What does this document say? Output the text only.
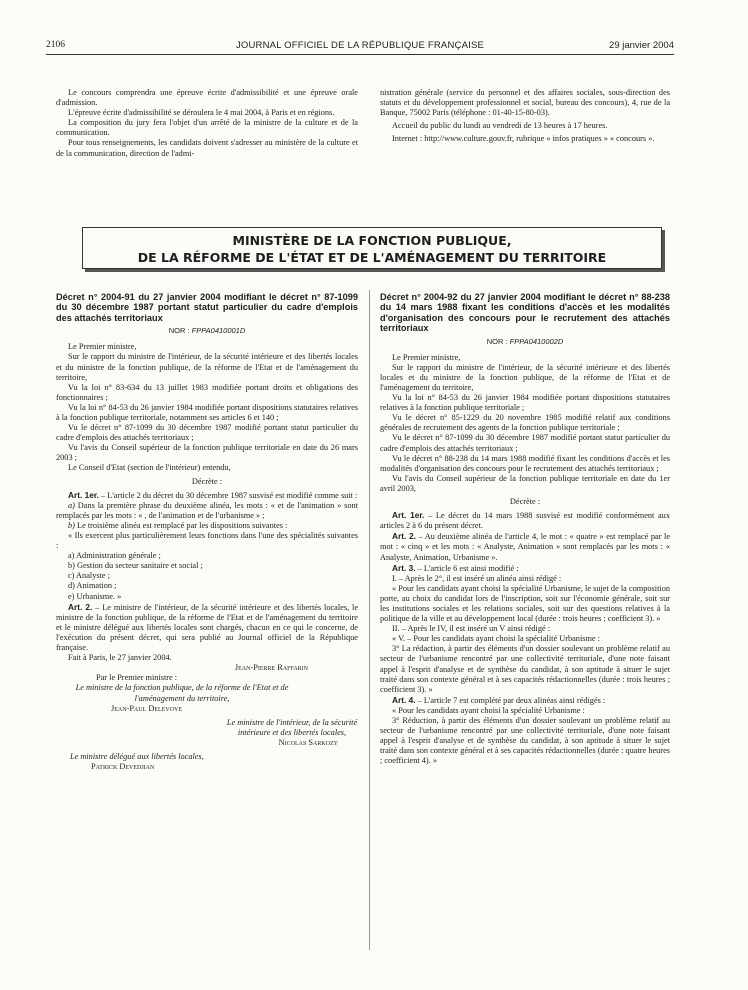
2106	JOURNAL OFFICIEL DE LA RÉPUBLIQUE FRANÇAISE	29 janvier 2004

Le concours comprendra une épreuve écrite d'admissibilité et une épreuve orale d'admission.

L'épreuve écrite d'admissibilité se déroulera le 4 mai 2004, à Paris et en régions.

La composition du jury fera l'objet d'un arrêté de la ministre de la culture et de la communication.

Pour tous renseignements, les candidats doivent s'adresser au ministère de la culture et de la communication, direction de l'admi-

nistration générale (service du personnel et des affaires sociales, sous-direction des statuts et du développement professionnel et social, bureau des concours), 4, rue de la Banque, 75002 Paris (téléphone : 01-40-15-80-03).

Accueil du public du lundi au vendredi de 13 heures à 17 heures.

Internet : http://www.culture.gouv.fr, rubrique « infos pratiques » « concours ».

MINISTÈRE DE LA FONCTION PUBLIQUE,
DE LA RÉFORME DE L'ÉTAT ET DE L'AMÉNAGEMENT DU TERRITOIRE
Décret n° 2004-91 du 27 janvier 2004 modifiant le décret n° 87-1099 du 30 décembre 1987 portant statut particulier du cadre d'emplois des attachés territoriaux
NOR : FPPA0410001D

Le Premier ministre,

Sur le rapport du ministre de l'intérieur, de la sécurité intérieure et des libertés locales et du ministre de la fonction publique, de la réforme de l'Etat et de l'aménagement du territoire,

Vu la loi n° 83-634 du 13 juillet 1983 modifiée portant droits et obligations des fonctionnaires ;

Vu la loi n° 84-53 du 26 janvier 1984 modifiée portant dispositions statutaires relatives à la fonction publique territoriale, notamment ses articles 6 et 140 ;

Vu le décret n° 87-1099 du 30 décembre 1987 modifié portant statut particulier du cadre d'emplois des attachés territoriaux ;

Vu l'avis du Conseil supérieur de la fonction publique territoriale en date du 26 mars 2003 ;

Le Conseil d'Etat (section de l'intérieur) entendu,

Décrète :

Art. 1er. – L'article 2 du décret du 30 décembre 1987 susvisé est modifié comme suit :

a) Dans la première phrase du deuxième alinéa, les mots : « et de l'animation » sont remplacés par les mots : « , de l'animation et de l'urbanisme » ;

b) Le troisième alinéa est remplacé par les dispositions suivantes :

« Ils exercent plus particulièrement leurs fonctions dans l'une des spécialités suivantes :

a) Administration générale ;

b) Gestion du secteur sanitaire et social ;

c) Analyste ;

d) Animation ;

e) Urbanisme. »

Art. 2. – Le ministre de l'intérieur, de la sécurité intérieure et des libertés locales, le ministre de la fonction publique, de la réforme de l'Etat et de l'aménagement du territoire et le ministre délégué aux libertés locales sont chargés, chacun en ce qui le concerne, de l'exécution du présent décret, qui sera publié au Journal officiel de la République française.

Fait à Paris, le 27 janvier 2004.

Jean-Pierre Raffarin

Par le Premier ministre :

Le ministre de la fonction publique, de la réforme de l'Etat et de l'aménagement du territoire,

Jean-Paul Delevoye

Le ministre de l'intérieur, de la sécurité intérieure et des libertés locales,

Nicolas Sarkozy

Le ministre délégué aux libertés locales,

Patrick Devedjian

Décret n° 2004-92 du 27 janvier 2004 modifiant le décret n° 88-238 du 14 mars 1988 fixant les conditions d'accès et les modalités d'organisation des concours pour le recrutement des attachés territoriaux
NOR : FPPA0410002D

Le Premier ministre,

Sur le rapport du ministre de l'intérieur, de la sécurité intérieure et des libertés locales et du ministre de la fonction publique, de la réforme de l'Etat et de l'aménagement du territoire,

Vu la loi n° 84-53 du 26 janvier 1984 modifiée portant dispositions statutaires relatives à la fonction publique territoriale ;

Vu le décret n° 85-1229 du 20 novembre 1985 modifié relatif aux conditions générales de recrutement des agents de la fonction publique territoriale ;

Vu le décret n° 87-1099 du 30 décembre 1987 modifié portant statut particulier du cadre d'emplois des attachés territoriaux ;

Vu le décret n° 88-238 du 14 mars 1988 modifié fixant les conditions d'accès et les modalités d'organisation des concours pour le recrutement des attachés territoriaux ;

Vu l'avis du Conseil supérieur de la fonction publique territoriale en date du 1er avril 2003,

Décrète :

Art. 1er. – Le décret du 14 mars 1988 susvisé est modifié conformément aux articles 2 à 6 du présent décret.

Art. 2. – Au deuxième alinéa de l'article 4, le mot : « quatre » est remplacé par le mot : « cinq » et les mots : « Analyste, Animation » sont remplacés par les mots : « Analyste, Animation, Urbanisme ».

Art. 3. – L'article 6 est ainsi modifié :

I. – Après le 2°, il est inséré un alinéa ainsi rédigé :

« Pour les candidats ayant choisi la spécialité Urbanisme, le sujet de la composition porte, au choix du candidat lors de l'inscription, soit sur l'économie générale, soit sur les institutions sociales et les relations sociales, soit sur des questions relatives à la politique de la ville et au développement local (durée : trois heures ; coefficient 3). »

II. – Après le IV, il est inséré un V ainsi rédigé :

« V. – Pour les candidats ayant choisi la spécialité Urbanisme :

3° La rédaction, à partir des éléments d'un dossier soulevant un problème relatif au secteur de l'urbanisme rencontré par une collectivité territoriale, d'une note faisant appel à l'esprit d'analyse et de synthèse du candidat, à son aptitude à situer le sujet traité dans son contexte général et à ses capacités rédactionnelles (durée : trois heures ; coefficient 3). »

Art. 4. – L'article 7 est complété par deux alinéas ainsi rédigés :

« Pour les candidats ayant choisi la spécialité Urbanisme :

3° Réduction, à partir des éléments d'un dossier soulevant un problème relatif au secteur de l'urbanisme rencontré par une collectivité territoriale, d'une note faisant appel à l'esprit d'analyse et de synthèse du candidat, à son aptitude à situer le sujet traité dans son contexte général et à ses capacités rédactionnelles (durée : quatre heures ; coefficient 4). »
